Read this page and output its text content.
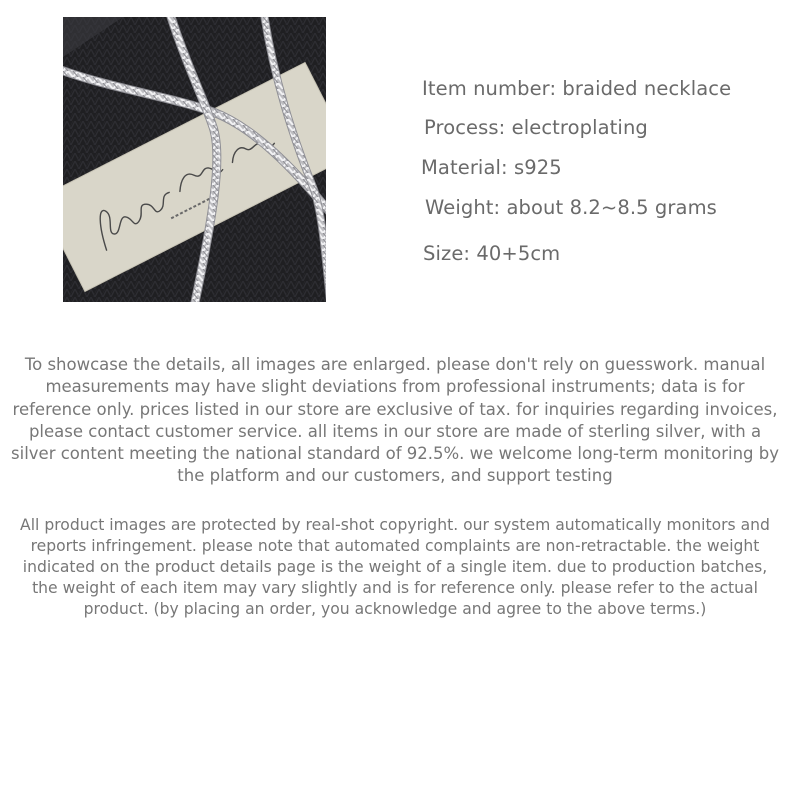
Item number: braided necklace

Process: electroplating

Material: s925

Weight: about 8.2~8.5 grams

Size: 40+5cm

To showcase the details, all images are enlarged. please don't rely on guesswork. manual measurements may have slight deviations from professional instruments; data is for reference only. prices listed in our store are exclusive of tax. for inquiries regarding invoices, please contact customer service. all items in our store are made of sterling silver, with a silver content meeting the national standard of 92.5%. we welcome long-term monitoring by the platform and our customers, and support testing

All product images are protected by real-shot copyright. our system automatically monitors and reports infringement. please note that automated complaints are non-retractable. the weight indicated on the product details page is the weight of a single item. due to production batches, the weight of each item may vary slightly and is for reference only. please refer to the actual product. (by placing an order, you acknowledge and agree to the above terms.)
